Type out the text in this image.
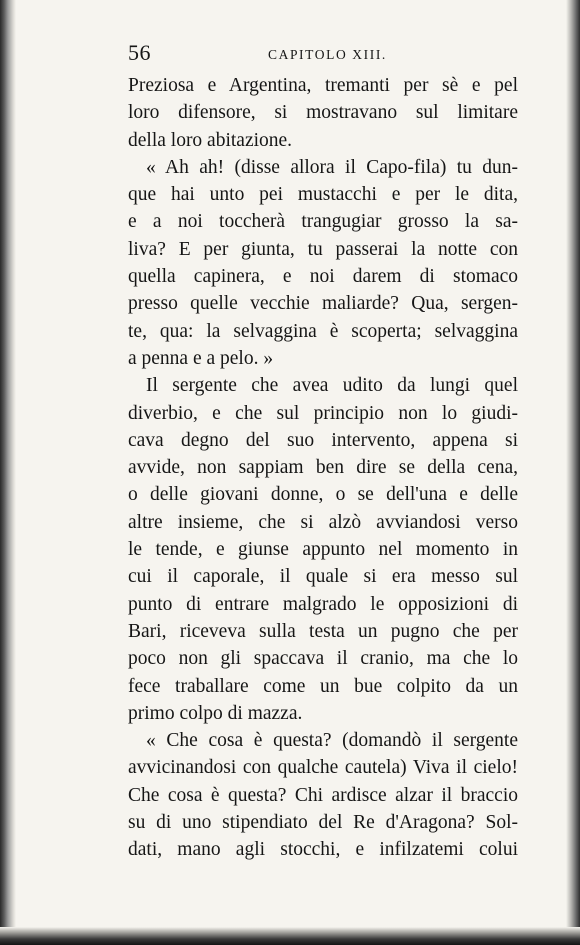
56	CAPITOLO XIII.
Preziosa e Argentina, tremanti per sè e pel
loro difensore, si mostravano sul limitare
della loro abitazione.
« Ah ah! (disse allora il Capo-fila) tu dun-
que hai unto pei mustacchi e per le dita,
e a noi toccherà trangugiar grosso la sa-
liva? E per giunta, tu passerai la notte con
quella capinera, e noi darem di stomaco
presso quelle vecchie maliarde? Qua, sergen-
te, qua: la selvaggina è scoperta; selvaggina
a penna e a pelo. »
Il sergente che avea udito da lungi quel
diverbio, e che sul principio non lo giudi-
cava degno del suo intervento, appena si
avvide, non sappiam ben dire se della cena,
o delle giovani donne, o se dell'una e delle
altre insieme, che si alzò avviandosi verso
le tende, e giunse appunto nel momento in
cui il caporale, il quale si era messo sul
punto di entrare malgrado le opposizioni di
Bari, riceveva sulla testa un pugno che per
poco non gli spaccava il cranio, ma che lo
fece traballare come un bue colpito da un
primo colpo di mazza.
« Che cosa è questa? (domandò il sergente
avvicinandosi con qualche cautela) Viva il cielo!
Che cosa è questa? Chi ardisce alzar il braccio
su di uno stipendiato del Re d'Aragona? Sol-
dati, mano agli stocchi, e infilzatemi colui
